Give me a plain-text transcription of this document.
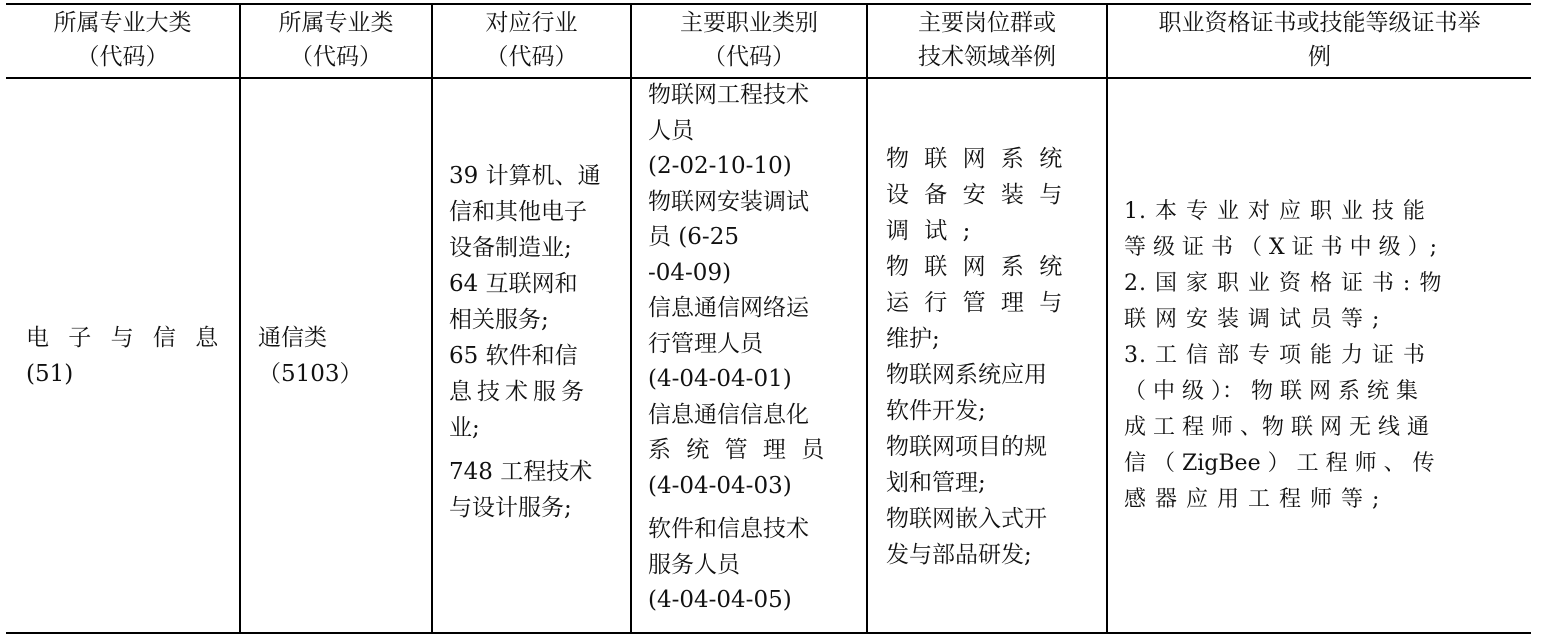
所属专业大类
（代码）
所属专业类
（代码）
对应行业
（代码）
主要职业类别
（代码）
主要岗位群或
技术领域举例
职业资格证书或技能等级证书举
例
电 子 与 信 息
(51)
通信类
（5103）
39 计算机、通
信和其他电子
设备制造业;
64 互联网和
相关服务;
65 软件和信
息技术服务
业;
748 工程技术
与设计服务;
物联网工程技术
人员
(2-02-10-10)
物联网安装调试
员 (6-25
-04-09)
信息通信网络运
行管理人员
(4-04-04-01)
信息通信信息化
系 统 管 理 员
(4-04-04-03)
软件和信息技术
服务人员
(4-04-04-05)
物 联 网 系 统
设 备 安 装 与
调 试 ;
物 联 网 系 统
运 行 管 理 与
维护;
物联网系统应用
软件开发;
物联网项目的规
划和管理;
物联网嵌入式开
发与部品研发;
1. 本 专 业 对 应 职 业 技 能
等 级 证 书 （ X 证 书 中 级 ）;
2. 国 家 职 业 资 格 证 书 : 物
联 网 安 装 调 试 员 等 ;
3. 工 信 部 专 项 能 力 证 书
（ 中 级 ）： 物 联 网 系 统 集
成 工 程 师 、物 联 网 无 线 通
信 （ ZigBee ） 工 程 师 、 传
感 器 应 用 工 程 师 等 ;
